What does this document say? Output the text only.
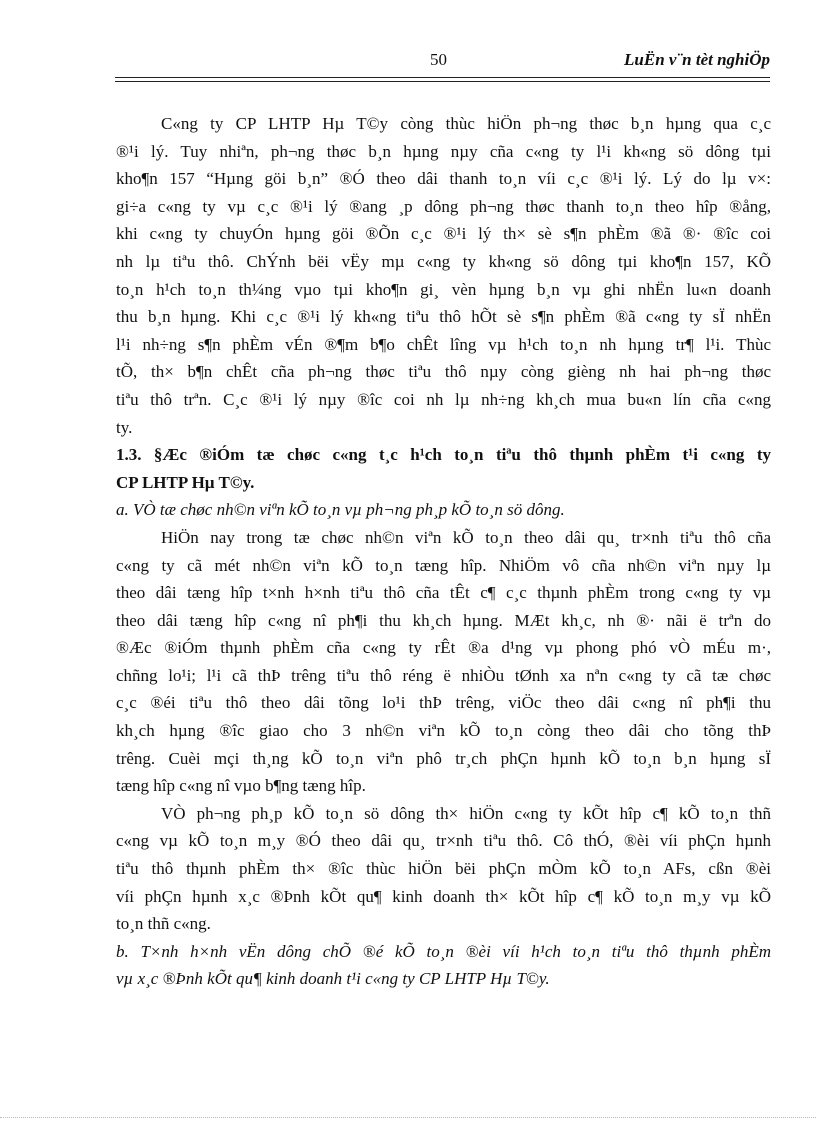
50	LuËn v¨n tèt nghiÖp
C«ng ty CP LHTP Hµ T©y còng thùc hiÖn ph¬ng thøc b¸n hµng qua c¸c
®¹i lý. Tuy nhiªn, ph¬ng thøc b¸n hµng nµy cña c«ng ty l¹i kh«ng sö dông tµi
kho¶n 157 “Hµng göi b¸n” ®Ó theo dâi thanh to¸n víi c¸c ®¹i lý. Lý do lµ v×:
gi÷a c«ng ty vµ c¸c ®¹i lý ®ang ¸p dông ph¬ng thøc thanh to¸n theo hîp ®ång,
khi c«ng ty chuyÓn hµng göi ®Õn c¸c ®¹i lý th× sè s¶n phÈm ®ã ®· ®îc coi
nh lµ tiªu thô. ChÝnh bëi vËy mµ c«ng ty kh«ng sö dông tµi kho¶n 157, KÕ
to¸n h¹ch to¸n th¼ng vµo tµi kho¶n gi¸ vèn hµng b¸n vµ ghi nhËn lu«n doanh
thu b¸n hµng. Khi c¸c ®¹i lý kh«ng tiªu thô hÕt sè s¶n phÈm ®ã c«ng ty sÏ nhËn
l¹i nh÷ng s¶n phÈm vÉn ®¶m b¶o chÊt lîng vµ h¹ch to¸n nh hµng tr¶ l¹i. Thùc
tÕ, th× b¶n chÊt cña ph¬ng thøc tiªu thô nµy còng gièng nh hai ph¬ng thøc
tiªu thô trªn. C¸c ®¹i lý nµy ®îc coi nh lµ nh÷ng kh¸ch mua bu«n lín cña c«ng
ty.
1.3. §Æc ®iÓm tæ chøc c«ng t¸c h¹ch to¸n tiªu thô thµnh phÈm t¹i c«ng ty
CP LHTP Hµ T©y.
a. VÒ tæ chøc nh©n viªn kÕ to¸n vµ ph¬ng ph¸p kÕ to¸n sö dông.
HiÖn nay trong tæ chøc nh©n viªn kÕ to¸n theo dâi qu¸ tr×nh tiªu thô cña
c«ng ty cã mét nh©n viªn kÕ to¸n tæng hîp. NhiÖm vô cña nh©n viªn nµy lµ
theo dâi tæng hîp t×nh h×nh tiªu thô cña tÊt c¶ c¸c thµnh phÈm trong c«ng ty vµ
theo dâi tæng hîp c«ng nî ph¶i thu kh¸ch hµng. MÆt kh¸c, nh ®· nãi ë trªn do
®Æc ®iÓm thµnh phÈm cña c«ng ty rÊt ®a d¹ng vµ phong phó vÒ mÉu m·,
chñng lo¹i; l¹i cã thÞ trêng tiªu thô réng ë nhiÒu tØnh xa nªn c«ng ty cã tæ chøc
c¸c ®éi tiªu thô theo dâi tõng lo¹i thÞ trêng, viÖc theo dâi c«ng nî ph¶i thu
kh¸ch hµng ®îc giao cho 3 nh©n viªn kÕ to¸n còng theo dâi cho tõng thÞ
trêng. Cuèi mçi th¸ng kÕ to¸n viªn phô tr¸ch phÇn hµnh kÕ to¸n b¸n hµng sÏ
tæng hîp c«ng nî vµo b¶ng tæng hîp.
VÒ ph¬ng ph¸p kÕ to¸n sö dông th× hiÖn c«ng ty kÕt hîp c¶ kÕ to¸n thñ
c«ng vµ kÕ to¸n m¸y ®Ó theo dâi qu¸ tr×nh tiªu thô. Cô thÓ, ®èi víi phÇn hµnh
tiªu thô thµnh phÈm th× ®îc thùc hiÖn bëi phÇn mÒm kÕ to¸n AFs, cßn ®èi
víi phÇn hµnh x¸c ®Þnh kÕt qu¶ kinh doanh th× kÕt hîp c¶ kÕ to¸n m¸y vµ kÕ
to¸n thñ c«ng.
b. T×nh h×nh vËn dông chÕ ®é kÕ to¸n ®èi víi h¹ch to¸n tiªu thô thµnh phÈm
vµ x¸c ®Þnh kÕt qu¶ kinh doanh t¹i c«ng ty CP LHTP Hµ T©y.
